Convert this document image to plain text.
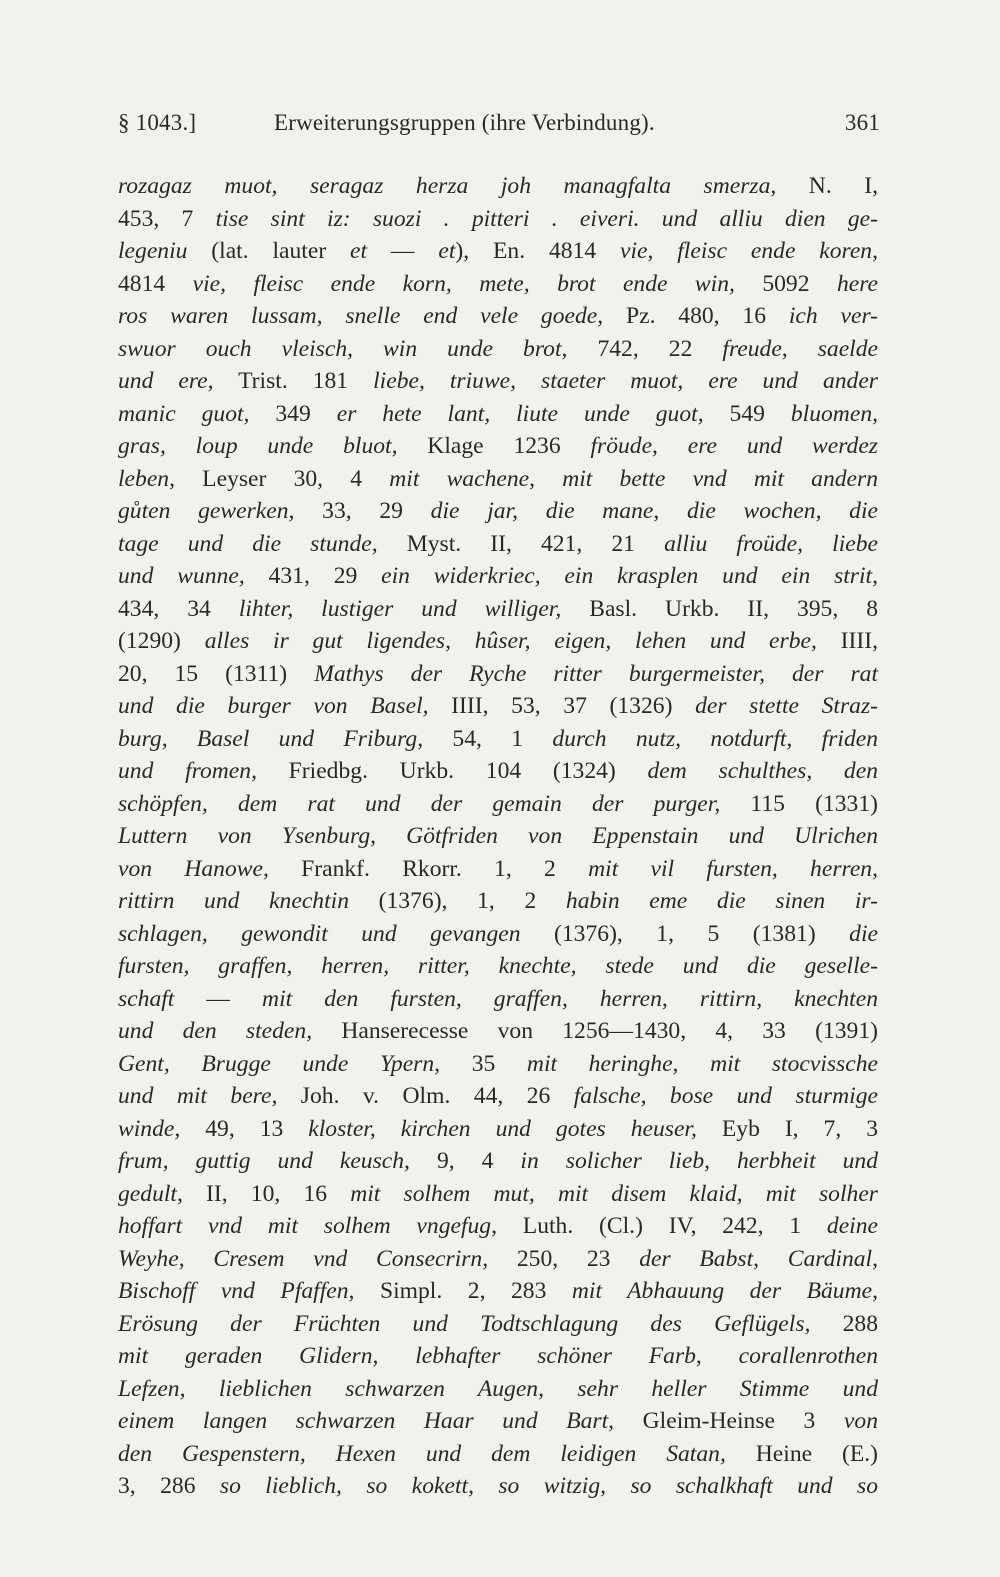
§ 1043.]	Erweiterungsgruppen (ihre Verbindung).	361
rozagaz muot, seragaz herza joh managfalta smerza, N. I,
453, 7 tise sint iz: suozi . pitteri . eiveri. und alliu dien ge-
legeniu (lat. lauter et — et), En. 4814 vie, fleisc ende koren,
4814 vie, fleisc ende korn, mete, brot ende win, 5092 here
ros waren lussam, snelle end vele goede, Pz. 480, 16 ich ver-
swuor ouch vleisch, win unde brot, 742, 22 freude, saelde
und ere, Trist. 181 liebe, triuwe, staeter muot, ere und ander
manic guot, 349 er hete lant, liute unde guot, 549 bluomen,
gras, loup unde bluot, Klage 1236 fröude, ere und werdez
leben, Leyser 30, 4 mit wachene, mit bette vnd mit andern
gůten gewerken, 33, 29 die jar, die mane, die wochen, die
tage und die stunde, Myst. II, 421, 21 alliu froüde, liebe
und wunne, 431, 29 ein widerkriec, ein krasplen und ein strit,
434, 34 lihter, lustiger und williger, Basl. Urkb. II, 395, 8
(1290) alles ir gut ligendes, hûser, eigen, lehen und erbe, IIII,
20, 15 (1311) Mathys der Ryche ritter burgermeister, der rat
und die burger von Basel, IIII, 53, 37 (1326) der stette Straz-
burg, Basel und Friburg, 54, 1 durch nutz, notdurft, friden
und fromen, Friedbg. Urkb. 104 (1324) dem schulthes, den
schöpfen, dem rat und der gemain der purger, 115 (1331)
Luttern von Ysenburg, Götfriden von Eppenstain und Ulrichen
von Hanowe, Frankf. Rkorr. 1, 2 mit vil fursten, herren,
rittirn und knechtin (1376), 1, 2 habin eme die sinen ir-
schlagen, gewondit und gevangen (1376), 1, 5 (1381) die
fursten, graffen, herren, ritter, knechte, stede und die geselle-
schaft — mit den fursten, graffen, herren, rittirn, knechten
und den steden, Hanserecesse von 1256—1430, 4, 33 (1391)
Gent, Brugge unde Ypern, 35 mit heringhe, mit stocvissche
und mit bere, Joh. v. Olm. 44, 26 falsche, bose und sturmige
winde, 49, 13 kloster, kirchen und gotes heuser, Eyb I, 7, 3
frum, guttig und keusch, 9, 4 in solicher lieb, herbheit und
gedult, II, 10, 16 mit solhem mut, mit disem klaid, mit solher
hoffart vnd mit solhem vngefug, Luth. (Cl.) IV, 242, 1 deine
Weyhe, Cresem vnd Consecrirn, 250, 23 der Babst, Cardinal,
Bischoff vnd Pfaffen, Simpl. 2, 283 mit Abhauung der Bäume,
Erösung der Früchten und Todtschlagung des Geflügels, 288
mit geraden Glidern, lebhafter schöner Farb, corallenrothen
Lefzen, lieblichen schwarzen Augen, sehr heller Stimme und
einem langen schwarzen Haar und Bart, Gleim-Heinse 3 von
den Gespenstern, Hexen und dem leidigen Satan, Heine (E.)
3, 286 so lieblich, so kokett, so witzig, so schalkhaft und so
